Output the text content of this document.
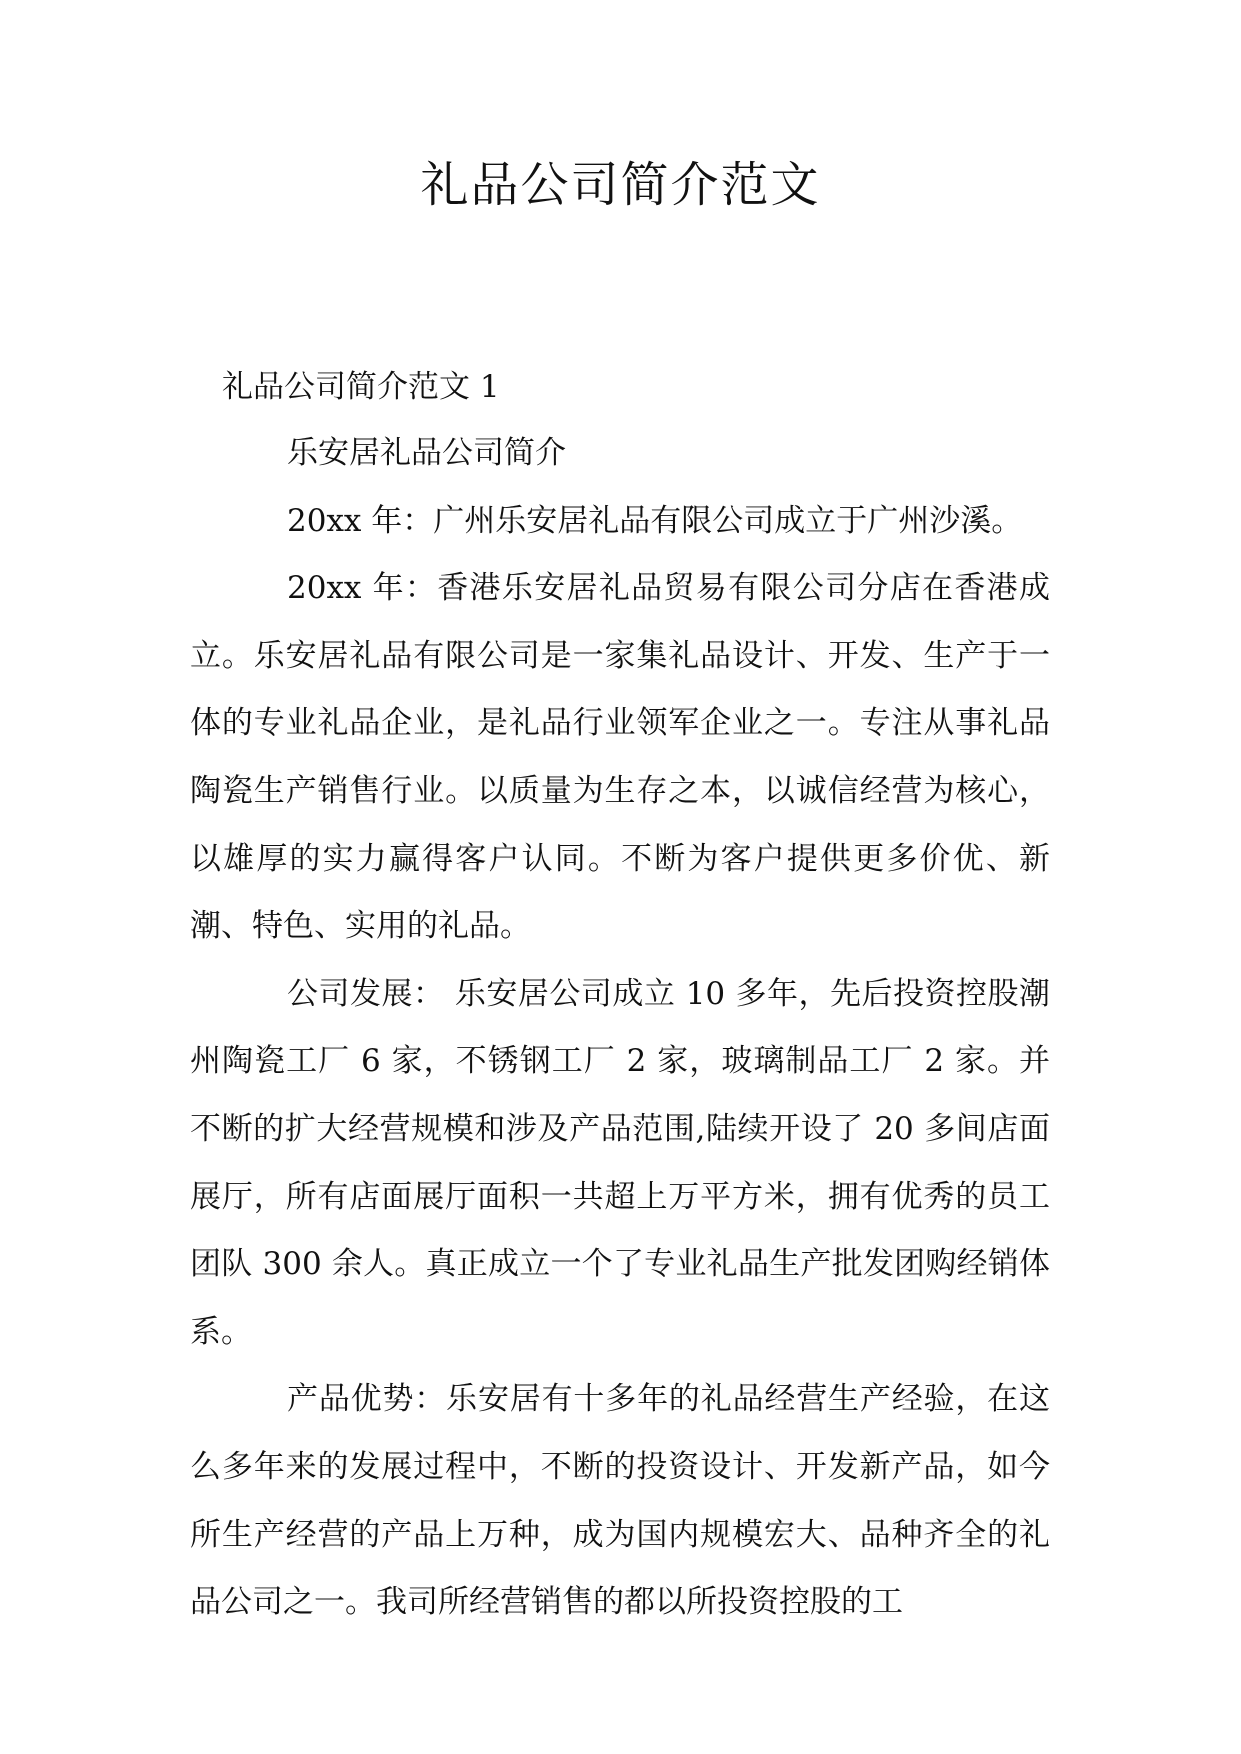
礼品公司简介范文

礼品公司简介范文 1

乐安居礼品公司简介

20xx 年：广州乐安居礼品有限公司成立于广州沙溪。

20xx 年：香港乐安居礼品贸易有限公司分店在香港成立。乐安居礼品有限公司是一家集礼品设计、开发、生产于一体的专业礼品企业，是礼品行业领军企业之一。专注从事礼品陶瓷生产销售行业。以质量为生存之本，以诚信经营为核心，以雄厚的实力赢得客户认同。不断为客户提供更多价优、新潮、特色、实用的礼品。

公司发展： 乐安居公司成立 10 多年，先后投资控股潮州陶瓷工厂 6 家，不锈钢工厂 2 家，玻璃制品工厂 2 家。并不断的扩大经营规模和涉及产品范围,陆续开设了 20 多间店面展厅，所有店面展厅面积一共超上万平方米，拥有优秀的员工团队 300 余人。真正成立一个了专业礼品生产批发团购经销体系。

产品优势：乐安居有十多年的礼品经营生产经验，在这么多年来的发展过程中，不断的投资设计、开发新产品，如今所生产经营的产品上万种，成为国内规模宏大、品种齐全的礼品公司之一。我司所经营销售的都以所投资控股的工
